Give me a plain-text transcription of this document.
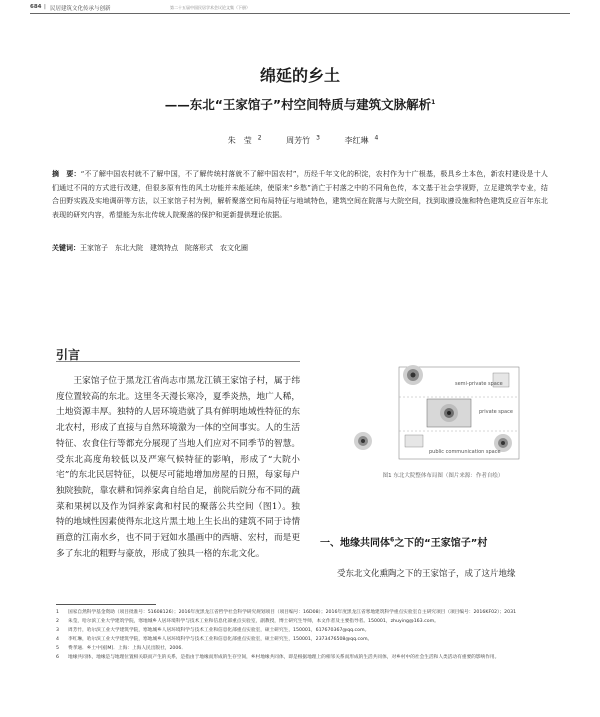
684 | 民居建筑文化传承与创新	第二十五届中国民居学术会议论文集（下册）
绵延的乡土
——东北“王家馆子”村空间特质与建筑文脉解析$^1$
朱　莹 $^2$	周芳竹 $^3$	李红琳 $^4$
摘　要：“不了解中国农村就不了解中国，不了解传统村落就不了解中国农村”，历经千年文化的积淀，农村作为十广根基，极具乡土本色，新农村建设是十人们通过不同的方式进行改建，但很多原有性的风土功能并未能延续，使原来“乡愁”消亡于村落之中的不同角色传，本文基于社会学视野，立足建筑学专业，结合田野实践及实地调研等方法，以王家馆子村为例，解析聚落空间布局特征与地域特色，建筑空间在院落与大院空间，找到取遵设施和特色建筑反应百年东北表现的研究内容，希望能为东北传统人院聚落的保护和更新提供理论依据。
关键词：王家馆子　东北大院　建筑特点　院落形式　农文化圈
引言
王家馆子位于黑龙江省尚志市黑龙江镇王家馆子村，属于纬度位置较高的东北。这里冬天漫长寒冷，夏季炎热，地广人稀，土地资源丰厚。独特的人居环境造就了具有鲜明地域性特征的东北农村，形成了直接与自然环境激为一体的空间事实。人的生活特征、农食住行等都充分展现了当地人们应对不同季节的智慧。受东北高度角较低以及严寒气候特征的影响，形成了“大院小宅”的东北民居特征，以便尽可能地增加房屋的日照，每家每户独院独院，靠农耕和饲养家禽自给自足，前院后院分布不同的蔬菜和果树以及作为饲养家禽和村民的聚落公共空间（图1）。独特的地域性因素使得东北这片黑土地上生长出的建筑不同于诗情画意的江南水乡，也不同于冠如水墨画中的西塘、宏村，而是更多了东北的粗野与豪放，形成了独具一格的东北文化。
semi-private space
private space
public communication space
图1 东北大院整体布局图（图片来源：作者自绘）
一、地缘共同体$^6$之下的“王家馆子”村
受东北文化熏陶之下的王家馆子，成了这片地缘
1	国家自然科学基金资助（项目批准号：51608126）；2016年度黑龙江省哲学社会科学研究规划项目（项目编号：16D08）；2016年度黑龙江省寒地建筑科学重点实验室自主研究项目（项目编号：2016KF02）；2031
2	朱莹，哈尔滨工业大学建筑学院，寒地城乡人居环境科学与技术工业和信息化部重点实验室，副教授，博士研究生导师，本文作者及主要指导者。150001，zhuying@163.com。
3	周芳竹，哈尔滨工业大学建筑学院，寒地城乡人居环境科学与技术工业和信息化部重点实验室，硕士研究生，150001，617670367@qq.com。
4	李红琳，哈尔滨工业大学建筑学院，寒地城乡人居环境科学与技术工业和信息化部重点实验室，硕士研究生，150001，2373476508@qq.com。
5	费孝通．乡土中国[M]．上海：上海人民出版社，2006．
6	地缘共同体，地缘是与地理位置相关联而产生的关系，是指由于地缘而形成的生存空间，乡村地缘共同体，即是根据地理上的相邻关系而形成的生活共同体，对乡村中的社会生活和人类活动有重要的影响作用。
